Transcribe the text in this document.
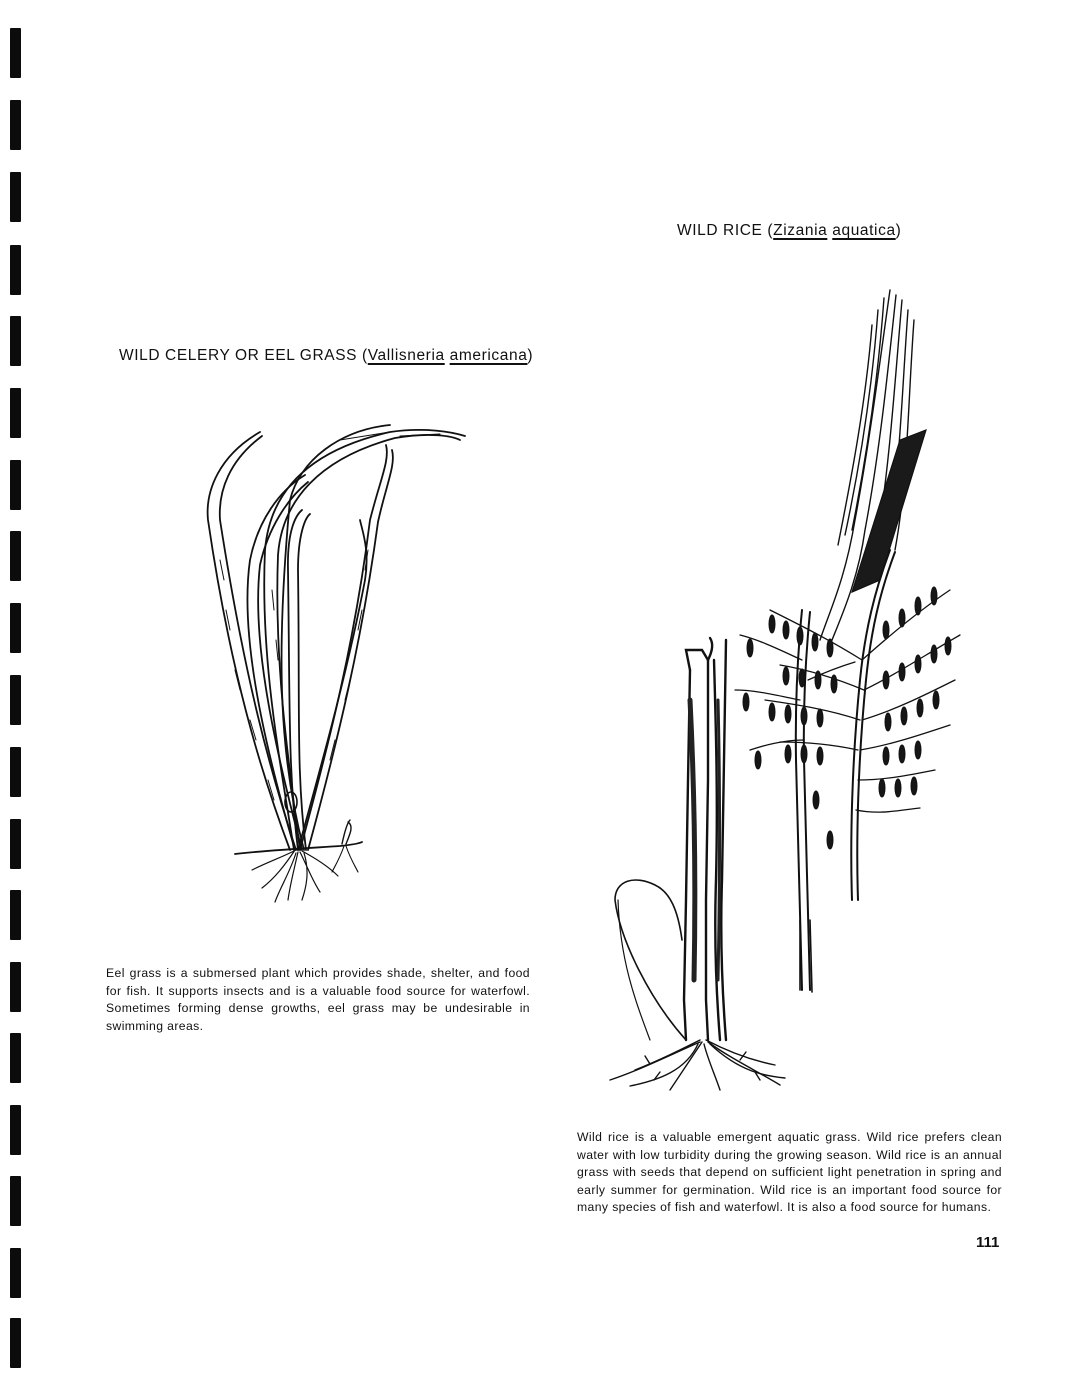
WILD RICE (Zizania aquatica)
WILD CELERY OR EEL GRASS (Vallisneria americana)
Eel grass is a submersed plant which provides shade, shelter, and food for fish. It supports insects and is a valuable food source for waterfowl. Sometimes forming dense growths, eel grass may be undesirable in swimming areas.
Wild rice is a valuable emergent aquatic grass. Wild rice prefers clean water with low turbidity during the growing season. Wild rice is an annual grass with seeds that depend on sufficient light penetration in spring and early summer for germination. Wild rice is an important food source for many species of fish and waterfowl. It is also a food source for humans.
111
